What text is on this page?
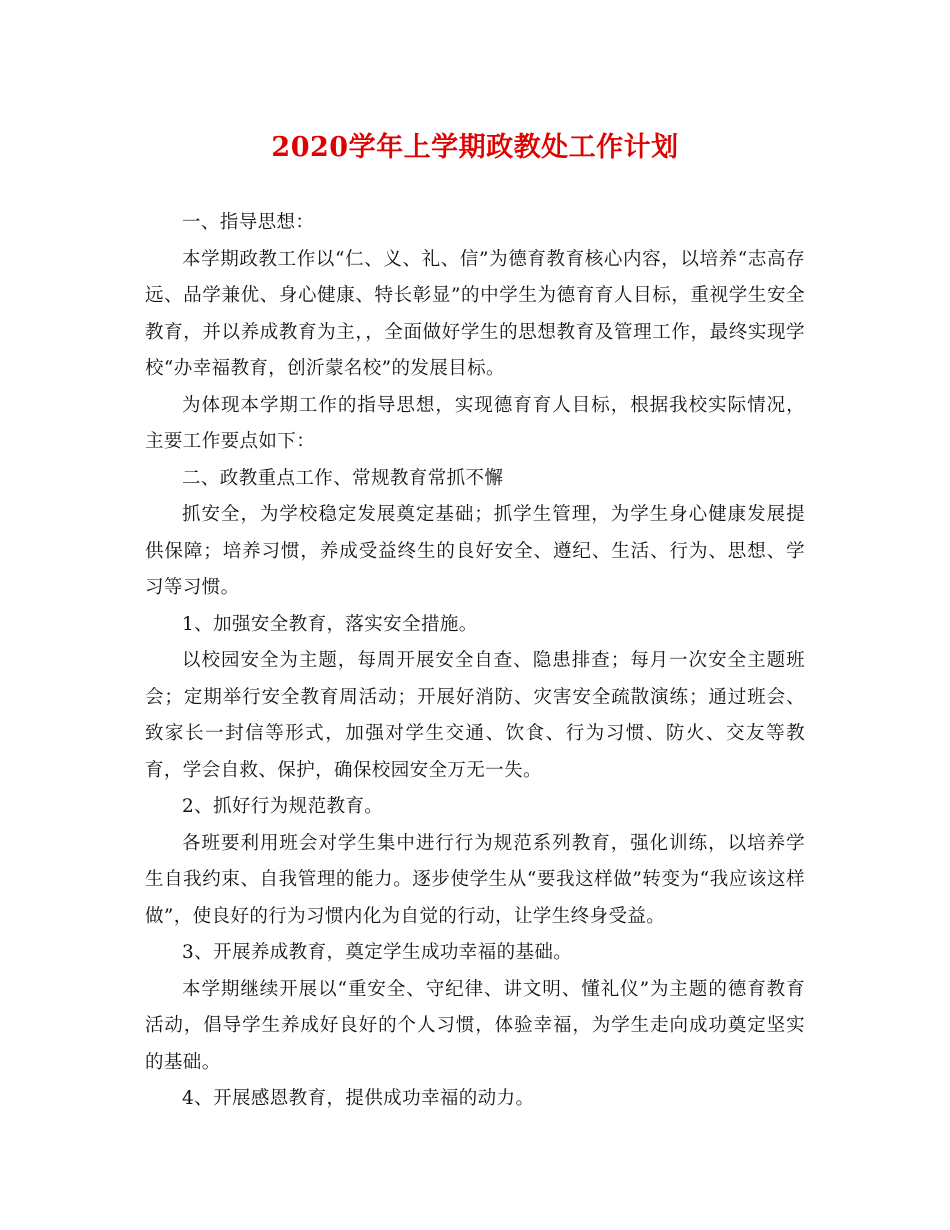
2020学年上学期政教处工作计划

一、指导思想：

本学期政教工作以“仁、义、礼、信”为德育教育核心内容，以培养“志高存远、品学兼优、身心健康、特长彰显”的中学生为德育育人目标，重视学生安全教育，并以养成教育为主，，全面做好学生的思想教育及管理工作，最终实现学校“办幸福教育，创沂蒙名校”的发展目标。

为体现本学期工作的指导思想，实现德育育人目标，根据我校实际情况，主要工作要点如下：

二、政教重点工作、常规教育常抓不懈

抓安全，为学校稳定发展奠定基础；抓学生管理，为学生身心健康发展提供保障；培养习惯，养成受益终生的良好安全、遵纪、生活、行为、思想、学习等习惯。

1、加强安全教育，落实安全措施。

以校园安全为主题，每周开展安全自查、隐患排查；每月一次安全主题班会；定期举行安全教育周活动；开展好消防、灾害安全疏散演练；通过班会、致家长一封信等形式，加强对学生交通、饮食、行为习惯、防火、交友等教育，学会自救、保护，确保校园安全万无一失。

2、抓好行为规范教育。

各班要利用班会对学生集中进行行为规范系列教育，强化训练，以培养学生自我约束、自我管理的能力。逐步使学生从“要我这样做”转变为“我应该这样做”，使良好的行为习惯内化为自觉的行动，让学生终身受益。

3、开展养成教育，奠定学生成功幸福的基础。

本学期继续开展以“重安全、守纪律、讲文明、懂礼仪”为主题的德育教育活动，倡导学生养成好良好的个人习惯，体验幸福，为学生走向成功奠定坚实的基础。

4、开展感恩教育，提供成功幸福的动力。
